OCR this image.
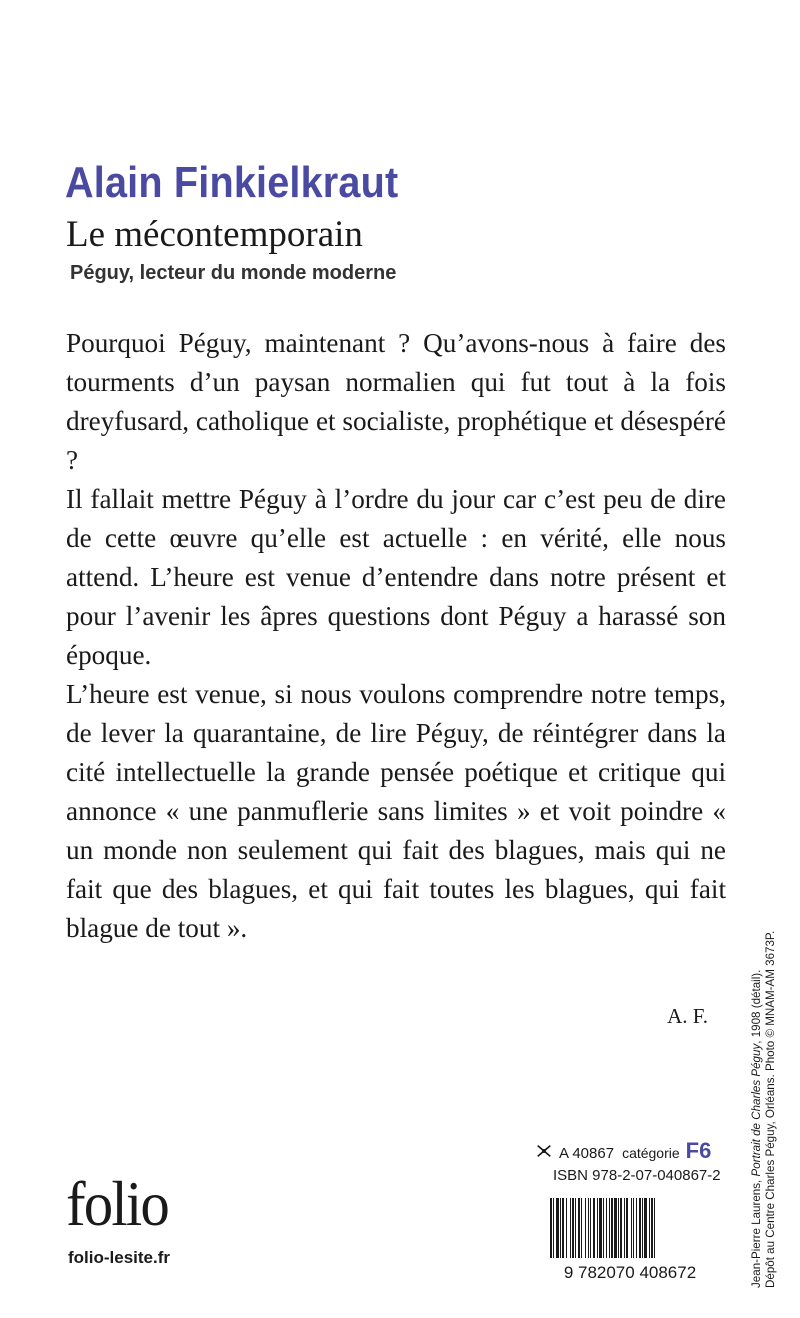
Alain Finkielkraut
Le mécontemporain
Péguy, lecteur du monde moderne

Pourquoi Péguy, maintenant ? Qu’avons-nous à faire des tourments d’un paysan normalien qui fut tout à la fois dreyfusard, catholique et socialiste, prophétique et désespéré ?

Il fallait mettre Péguy à l’ordre du jour car c’est peu de dire de cette œuvre qu’elle est actuelle : en vérité, elle nous attend. L’heure est venue d’entendre dans notre présent et pour l’avenir les âpres questions dont Péguy a harassé son époque.

L’heure est venue, si nous voulons comprendre notre temps, de lever la quarantaine, de lire Péguy, de réintégrer dans la cité intellectuelle la grande pensée poétique et critique qui annonce « une panmuflerie sans limites » et voit poindre « un monde non seulement qui fait des blagues, mais qui ne fait que des blagues, et qui fait toutes les blagues, qui fait blague de tout ».

A. F.
Jean-Pierre Laurens, Portrait de Charles Péguy, 1908 (détail). Dépôt au Centre Charles Péguy, Orléans. Photo © MNAM-AM 3673P.
A 40867 catégorie F6
ISBN 978-2-07-040867-2
9 782070 408672
folio
folio-lesite.fr
